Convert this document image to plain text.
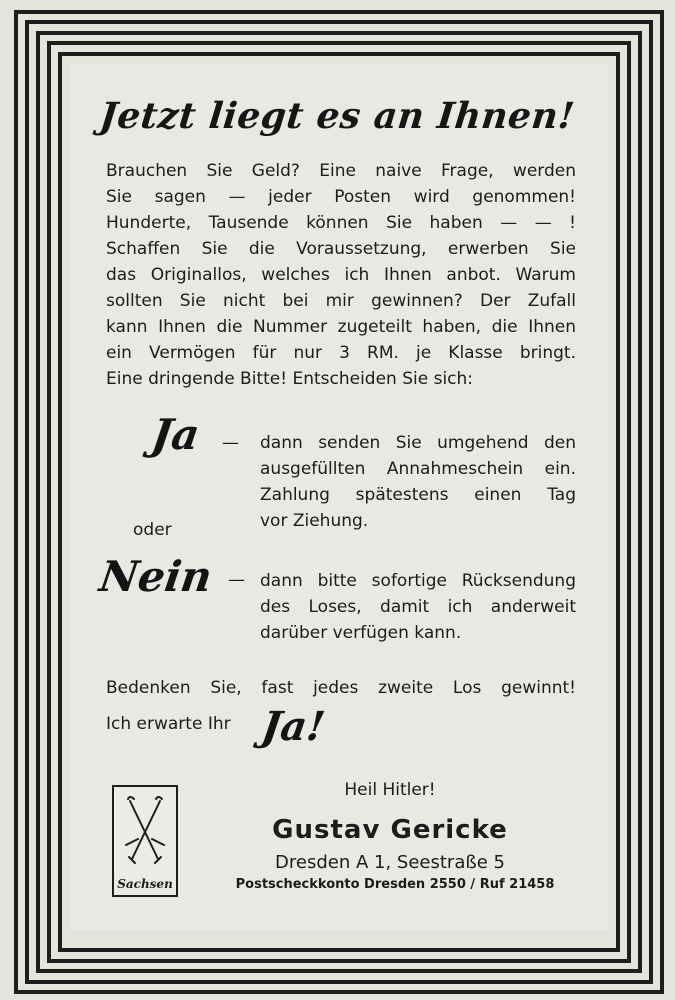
Jetzt liegt es an Ihnen!
Brauchen Sie Geld? Eine naive Frage, werden
Sie sagen — jeder Posten wird genommen!
Hunderte, Tausende können Sie haben — — !
Schaffen Sie die Voraussetzung, erwerben Sie
das Originallos, welches ich Ihnen anbot. Warum
sollten Sie nicht bei mir gewinnen? Der Zufall
kann Ihnen die Nummer zugeteilt haben, die Ihnen
ein Vermögen für nur 3 RM. je Klasse bringt.
Eine dringende Bitte! Entscheiden Sie sich:
Ja — dann senden Sie umgehend den
ausgefüllten Annahmeschein ein.
Zahlung spätestens einen Tag
vor Ziehung.
oder
Nein — dann bitte sofortige Rücksendung
des Loses, damit ich anderweit
darüber verfügen kann.
Bedenken Sie, fast jedes zweite Los gewinnt!
Ich erwarte Ihr Ja!
Heil Hitler!
Gustav Gericke
Dresden A 1, Seestraße 5
Postscheckkonto Dresden 2550 / Ruf 21458
Sachsen
